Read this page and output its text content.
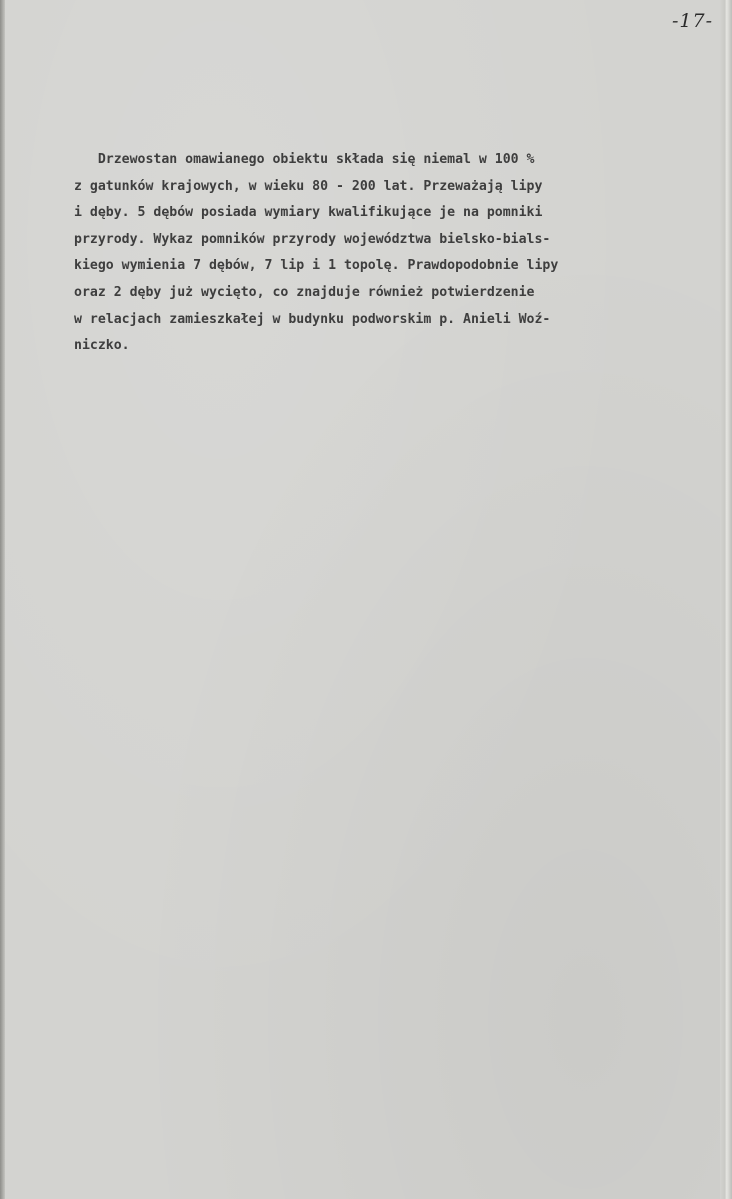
-17-
Drzewostan omawianego obiektu składa się niemal w 100 %
z gatunków krajowych, w wieku 80 - 200 lat. Przeważają lipy
i dęby. 5 dębów posiada wymiary kwalifikujące je na pomniki
przyrody. Wykaz pomników przyrody województwa bielsko-bials-
kiego wymienia 7 dębów, 7 lip i 1 topolę. Prawdopodobnie lipy
oraz 2 dęby już wycięto, co znajduje również potwierdzenie
w relacjach zamieszkałej w budynku podworskim p. Anieli Woź-
niczko.
